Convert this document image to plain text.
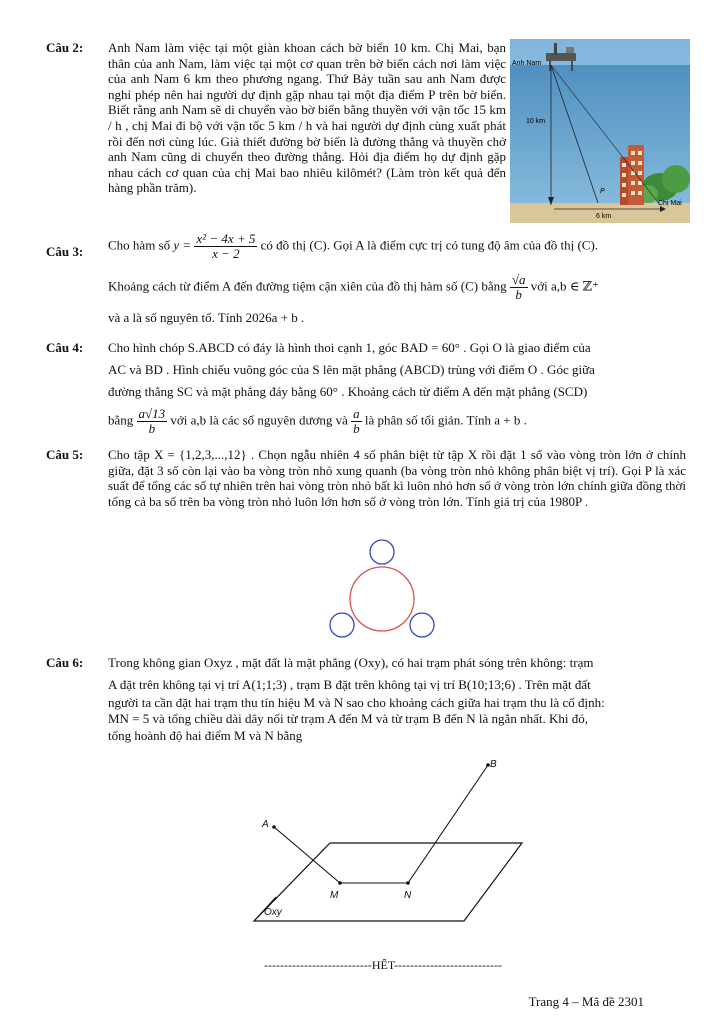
Câu 2:	Anh Nam làm việc tại một giàn khoan cách bờ biển 10 km. Chị Mai, bạn thân của anh Nam, làm việc tại một cơ quan trên bờ biển cách nơi làm việc của anh Nam 6 km theo phương ngang. Thứ Bảy tuần sau anh Nam được nghỉ phép nên hai người dự định gặp nhau tại một địa điểm P trên bờ biển. Biết rằng anh Nam sẽ di chuyển vào bờ biển bằng thuyền với vận tốc 15 km / h , chị Mai đi bộ với vận tốc 5 km / h và hai người dự định cùng xuất phát rồi đến nơi cùng lúc. Giả thiết đường bờ biển là đường thẳng và thuyền chở anh Nam cũng di chuyển theo đường thẳng. Hỏi địa điểm họ dự định gặp nhau cách cơ quan của chị Mai bao nhiêu kilômét? (Làm tròn kết quả đến hàng phần trăm).
Anh Nam
10 km
P
Chị Mai
6 km
Câu 3:	Cho hàm số $y = \frac{\text{x² − 4x + 5}}{x - 2}$ có đồ thị (C). Gọi A là điểm cực trị có tung độ âm của đồ thị (C).

Khoảng cách từ điểm A đến đường tiệm cận xiên của đồ thị hàm số (C) bằng $\frac{√a}{b}$ với a,b ∈ ℤ⁺

và a là số nguyên tố. Tính 2026a + b .

Câu 4:	Cho hình chóp S.ABCD có đáy là hình thoi cạnh 1, góc BAD = 60° . Gọi O là giao điểm của

AC và BD . Hình chiếu vuông góc của S lên mặt phẳng (ABCD) trùng với điểm O . Góc giữa

đường thẳng SC và mặt phẳng đáy bằng 60° . Khoảng cách từ điểm A đến mặt phẳng (SCD)

bằng $\frac{a√13}{b}$ với a,b là các số nguyên dương và $\frac{a}{b}$ là phân số tối giản. Tính a + b .

Câu 5:	Cho tập X = {1,2,3,...,12} . Chọn ngẫu nhiên 4 số phân biệt từ tập X rồi đặt 1 số vào vòng tròn lớn ở chính giữa, đặt 3 số còn lại vào ba vòng tròn nhỏ xung quanh (ba vòng tròn nhỏ không phân biệt vị trí). Gọi P là xác suất để tổng các số tự nhiên trên hai vòng tròn nhỏ bất kì luôn nhỏ hơn số ở vòng tròn lớn chính giữa đồng thời tổng cả ba số trên ba vòng tròn nhỏ luôn lớn hơn số ở vòng tròn lớn. Tính giá trị của 1980P .
Câu 6:	Trong không gian Oxyz , mặt đất là mặt phẳng (Oxy), có hai trạm phát sóng trên không: trạm

A đặt trên không tại vị trí A(1;1;3) , trạm B đặt trên không tại vị trí B(10;13;6) . Trên mặt đất

người ta cần đặt hai trạm thu tín hiệu M và N sao cho khoảng cách giữa hai trạm thu là cố định:

MN = 5 và tổng chiều dài dây nối từ trạm A đến M và từ trạm B đến N là ngắn nhất. Khi đó,

tổng hoành độ hai điểm M và N bằng

A
B
M	N
Oxy
---------------------------HẾT---------------------------
Trang 4 – Mã đề 2301
